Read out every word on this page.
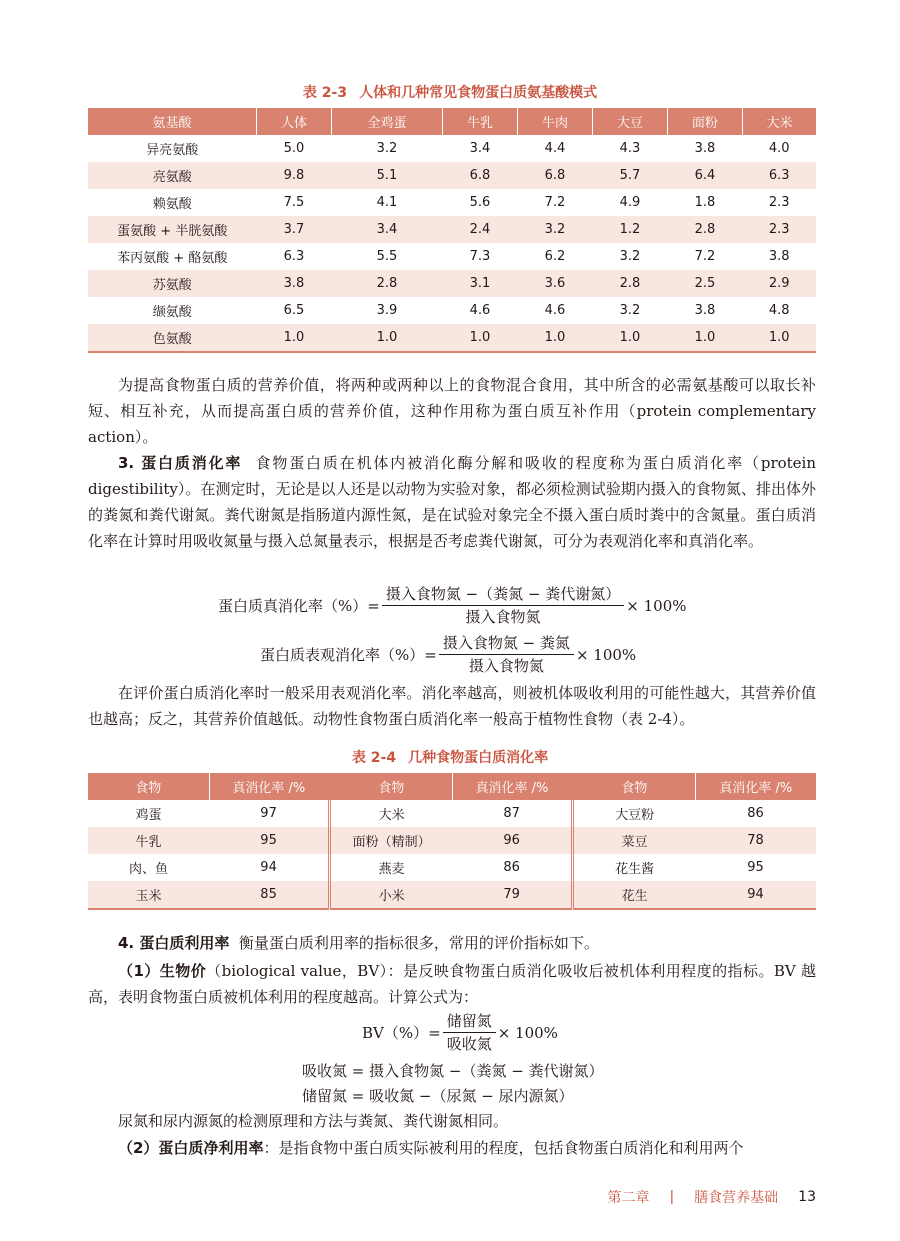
表 2-3 人体和几种常见食物蛋白质氨基酸模式
氨基酸	人体	全鸡蛋	牛乳	牛肉	大豆	面粉	大米
异亮氨酸	5.0	3.2	3.4	4.4	4.3	3.8	4.0
亮氨酸	9.8	5.1	6.8	6.8	5.7	6.4	6.3
赖氨酸	7.5	4.1	5.6	7.2	4.9	1.8	2.3
蛋氨酸 + 半胱氨酸	3.7	3.4	2.4	3.2	1.2	2.8	2.3
苯丙氨酸 + 酪氨酸	6.3	5.5	7.3	6.2	3.2	7.2	3.8
苏氨酸	3.8	2.8	3.1	3.6	2.8	2.5	2.9
缬氨酸	6.5	3.9	4.6	4.6	3.2	3.8	4.8
色氨酸	1.0	1.0	1.0	1.0	1.0	1.0	1.0

为提高食物蛋白质的营养价值，将两种或两种以上的食物混合食用，其中所含的必需氨基酸可以取长补短、相互补充，从而提高蛋白质的营养价值，这种作用称为蛋白质互补作用（protein complementary action）。

3. 蛋白质消化率 食物蛋白质在机体内被消化酶分解和吸收的程度称为蛋白质消化率（protein digestibility）。在测定时，无论是以人还是以动物为实验对象，都必须检测试验期内摄入的食物氮、排出体外的粪氮和粪代谢氮。粪代谢氮是指肠道内源性氮，是在试验对象完全不摄入蛋白质时粪中的含氮量。蛋白质消化率在计算时用吸收氮量与摄入总氮量表示，根据是否考虑粪代谢氮，可分为表观消化率和真消化率。

蛋白质真消化率（%）= $\frac{\text{摄入食物氮 −（粪氮 − 粪代谢氮）}}{\text{摄入食物氮}} \times 100\%$
蛋白质表观消化率（%）= $\frac{\text{摄入食物氮 − 粪氮}}{\text{摄入食物氮}} \times 100\%$

在评价蛋白质消化率时一般采用表观消化率。消化率越高，则被机体吸收利用的可能性越大，其营养价值也越高；反之，其营养价值越低。动物性食物蛋白质消化率一般高于植物性食物（表 2-4）。

表 2-4 几种食物蛋白质消化率
食物	真消化率 /%	食物	真消化率 /%	食物	真消化率 /%
鸡蛋	97	大米	87	大豆粉	86
牛乳	95	面粉（精制）	96	菜豆	78
肉、鱼	94	燕麦	86	花生酱	95
玉米	85	小米	79	花生	94

4. 蛋白质利用率 衡量蛋白质利用率的指标很多，常用的评价指标如下。

（1）生物价（biological value，BV）：是反映食物蛋白质消化吸收后被机体利用程度的指标。BV 越高，表明食物蛋白质被机体利用的程度越高。计算公式为：

$BV(\%)= \frac{\text{储留氮}}{\text{吸收氮}} \times 100\%$
吸收氮 = 摄入食物氮 −（粪氮 − 粪代谢氮）
储留氮 = 吸收氮 −（尿氮 − 尿内源氮）

尿氮和尿内源氮的检测原理和方法与粪氮、粪代谢氮相同。

（2）蛋白质净利用率：是指食物中蛋白质实际被利用的程度，包括食物蛋白质消化和利用两个

第二章 | 膳食营养基础 13
